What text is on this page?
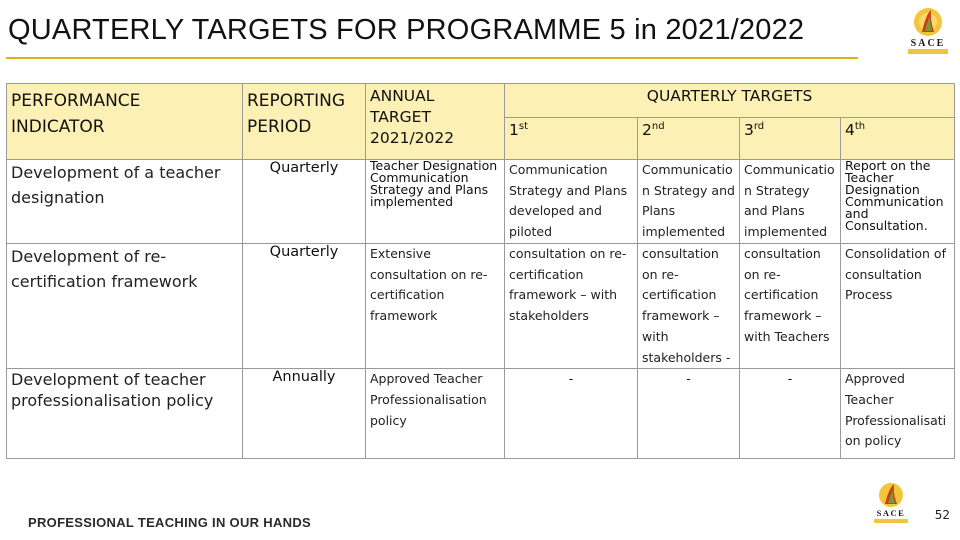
QUARTERLY TARGETS FOR PROGRAMME 5 in 2021/2022	SACE
PERFORMANCE INDICATOR	REPORTING PERIOD	ANNUAL TARGET 2021/2022	QUARTERLY TARGETS			
			1st	2nd	3rd	4th
Development of a teacher designation	Quarterly	Teacher Designation Communication Strategy and Plans implemented	Communication Strategy and Plans developed and piloted	Communicatio n Strategy and Plans implemented	Communicatio n Strategy and Plans implemented	Report on the Teacher Designation Communication and Consultation.
Development of re-certification framework	Quarterly	Extensive consultation on re-certification framework	consultation on re-certification framework – with stakeholders	consultation on re-certification framework – with stakeholders -	consultation on re-certification framework – with Teachers	Consolidation of consultation Process
Development of teacher professionalisation policy	Annually	Approved Teacher Professionalisation policy	-	-	-	Approved Teacher Professionalisati on policy
PROFESSIONAL TEACHING IN OUR HANDS
SACE 52
